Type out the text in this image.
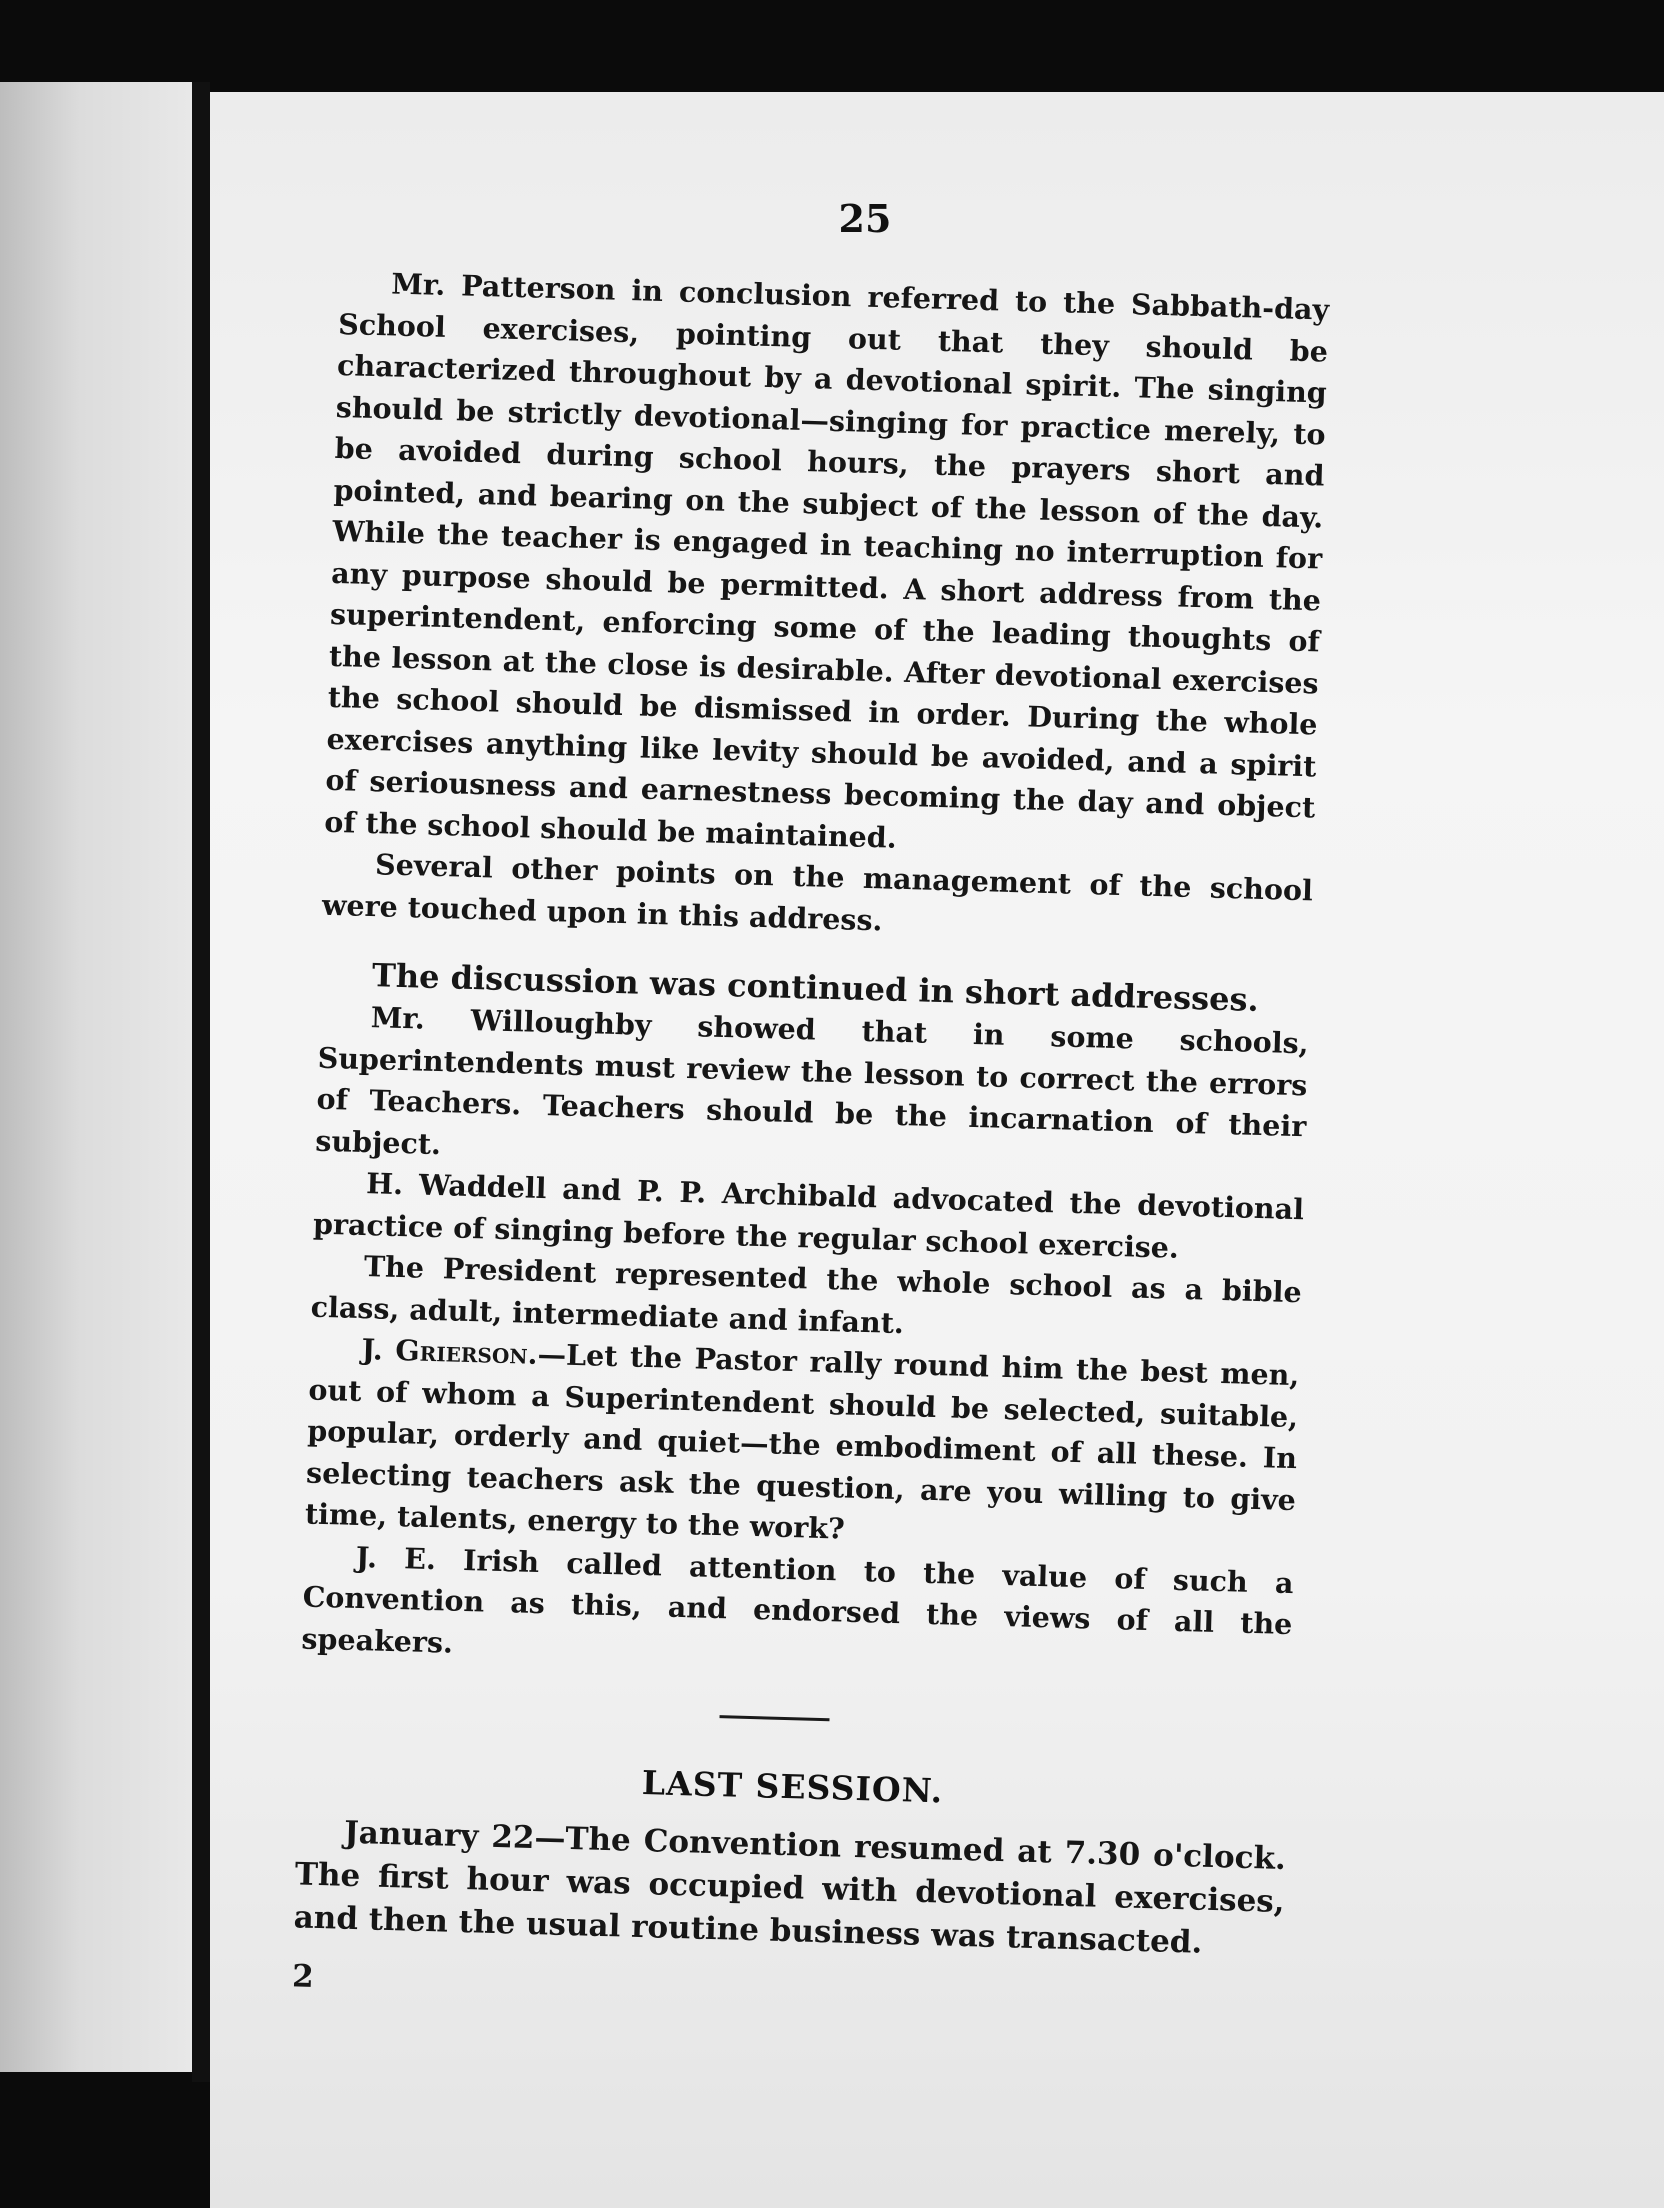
25

Mr. Patterson in conclusion referred to the Sabbath-day School exercises, pointing out that they should be characterized throughout by a devotional spirit. The singing should be strictly devotional—singing for practice merely, to be avoided during school hours, the prayers short and pointed, and bearing on the subject of the lesson of the day. While the teacher is engaged in teaching no interruption for any purpose should be permitted. A short address from the superintendent, enforcing some of the leading thoughts of the lesson at the close is desirable. After devotional exercises the school should be dismissed in order. During the whole exercises anything like levity should be avoided, and a spirit of seriousness and earnestness becoming the day and object of the school should be maintained.

Several other points on the management of the school were touched upon in this address.

The discussion was continued in short addresses.

Mr. Willoughby showed that in some schools, Superintendents must review the lesson to correct the errors of Teachers. Teachers should be the incarnation of their subject.

H. Waddell and P. P. Archibald advocated the devotional practice of singing before the regular school exercise.

The President represented the whole school as a bible class, adult, intermediate and infant.

J. Grierson.—Let the Pastor rally round him the best men, out of whom a Superintendent should be selected, suitable, popular, orderly and quiet—the embodiment of all these. In selecting teachers ask the question, are you willing to give time, talents, energy to the work?

J. E. Irish called attention to the value of such a Convention as this, and endorsed the views of all the speakers.

LAST SESSION.

January 22—The Convention resumed at 7.30 o'clock. The first hour was occupied with devotional exercises, and then the usual routine business was transacted.

2
